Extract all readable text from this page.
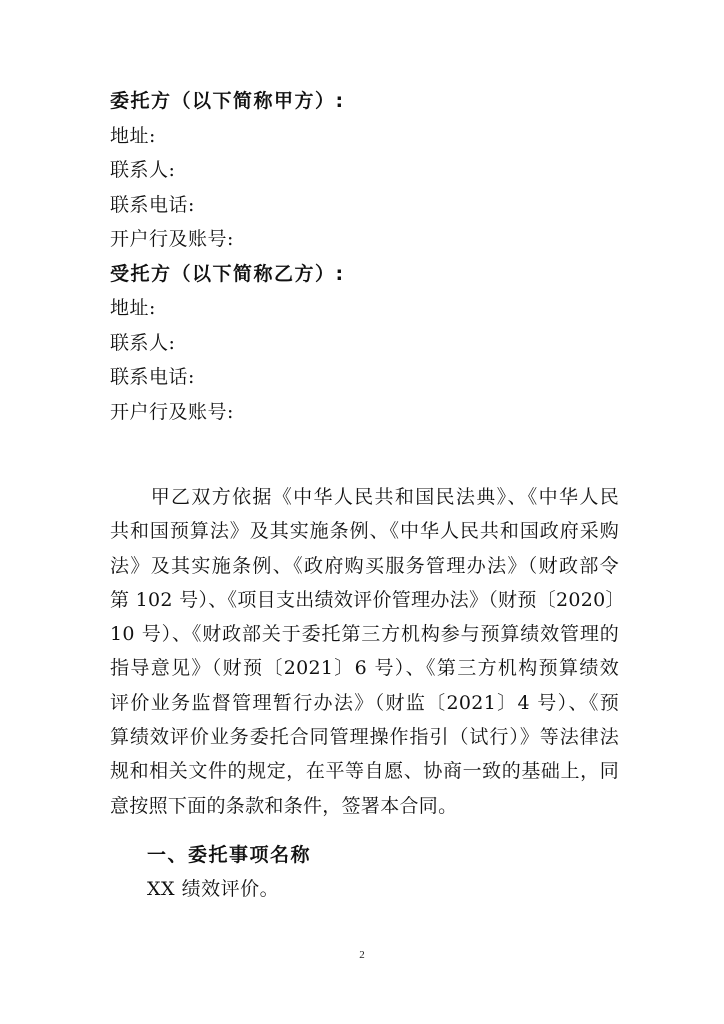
委托方（以下简称甲方）:
地址:
联系人:
联系电话:
开户行及账号:
受托方（以下简称乙方）:
地址:
联系人:
联系电话:
开户行及账号:
　　甲乙双方依据《中华人民共和国民法典》、《中华人民
共和国预算法》及其实施条例、《中华人民共和国政府采购
法》及其实施条例、《政府购买服务管理办法》（财政部令
第 102 号）、《项目支出绩效评价管理办法》（财预〔2020〕
10 号）、《财政部关于委托第三方机构参与预算绩效管理的
指导意见》（财预〔2021〕6 号）、《第三方机构预算绩效
评价业务监督管理暂行办法》（财监〔2021〕4 号）、《预
算绩效评价业务委托合同管理操作指引（试行）》等法律法
规和相关文件的规定，在平等自愿、协商一致的基础上，同
意按照下面的条款和条件，签署本合同。
一、委托事项名称
XX 绩效评价。
2
